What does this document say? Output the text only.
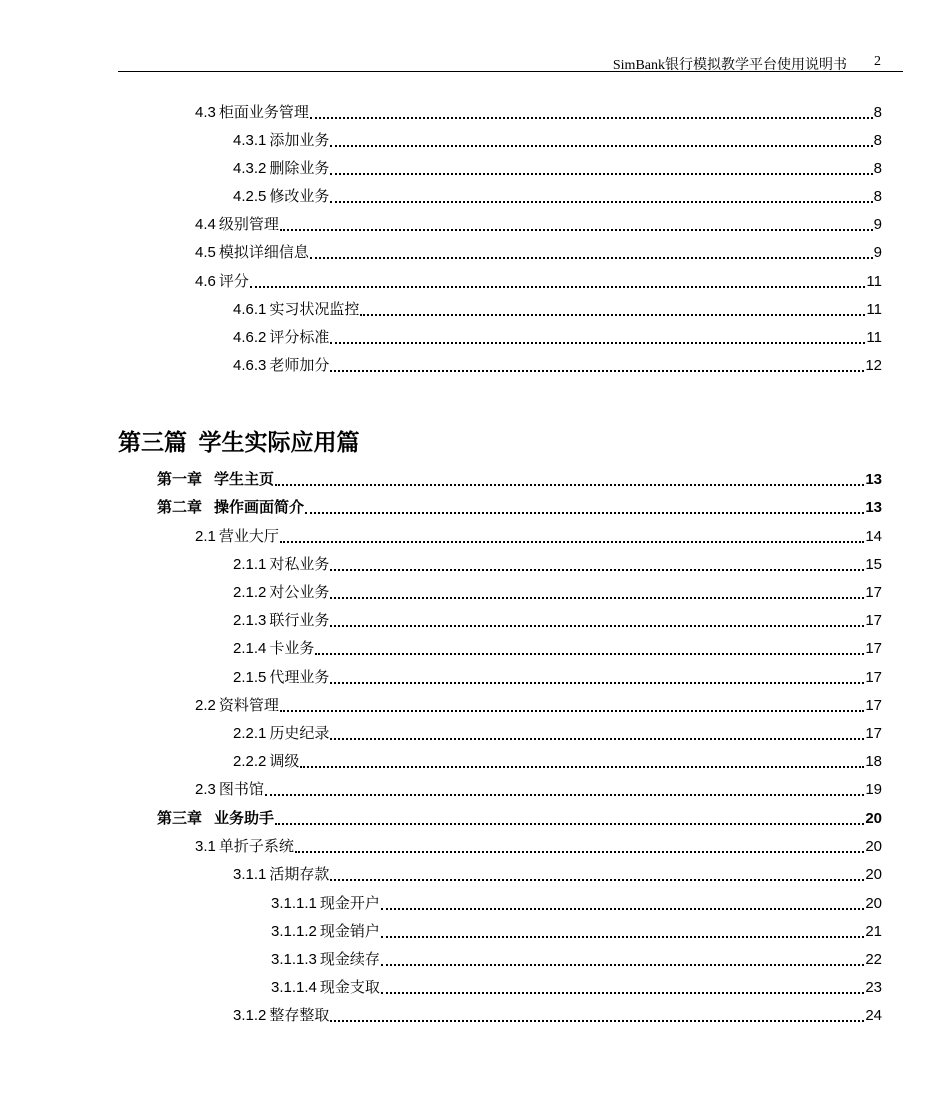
SimBank银行模拟教学平台使用说明书 2
4.3 柜面业务管理	8
4.3.1 添加业务	8
4.3.2 删除业务	8
4.2.5 修改业务	8
4.4 级别管理	9
4.5 模拟详细信息	9
4.6 评分	11
4.6.1 实习状况监控	11
4.6.2 评分标准	11
4.6.3 老师加分	12
第三篇  学生实际应用篇
第一章 学生主页	13
第二章 操作画面简介	13
2.1 营业大厅	14
2.1.1 对私业务	15
2.1.2 对公业务	17
2.1.3 联行业务	17
2.1.4 卡业务	17
2.1.5 代理业务	17
2.2 资料管理	17
2.2.1 历史纪录	17
2.2.2 调级	18
2.3 图书馆	19
第三章 业务助手	20
3.1 单折子系统	20
3.1.1 活期存款	20
3.1.1.1 现金开户	20
3.1.1.2 现金销户	21
3.1.1.3 现金续存	22
3.1.1.4 现金支取	23
3.1.2 整存整取	24
